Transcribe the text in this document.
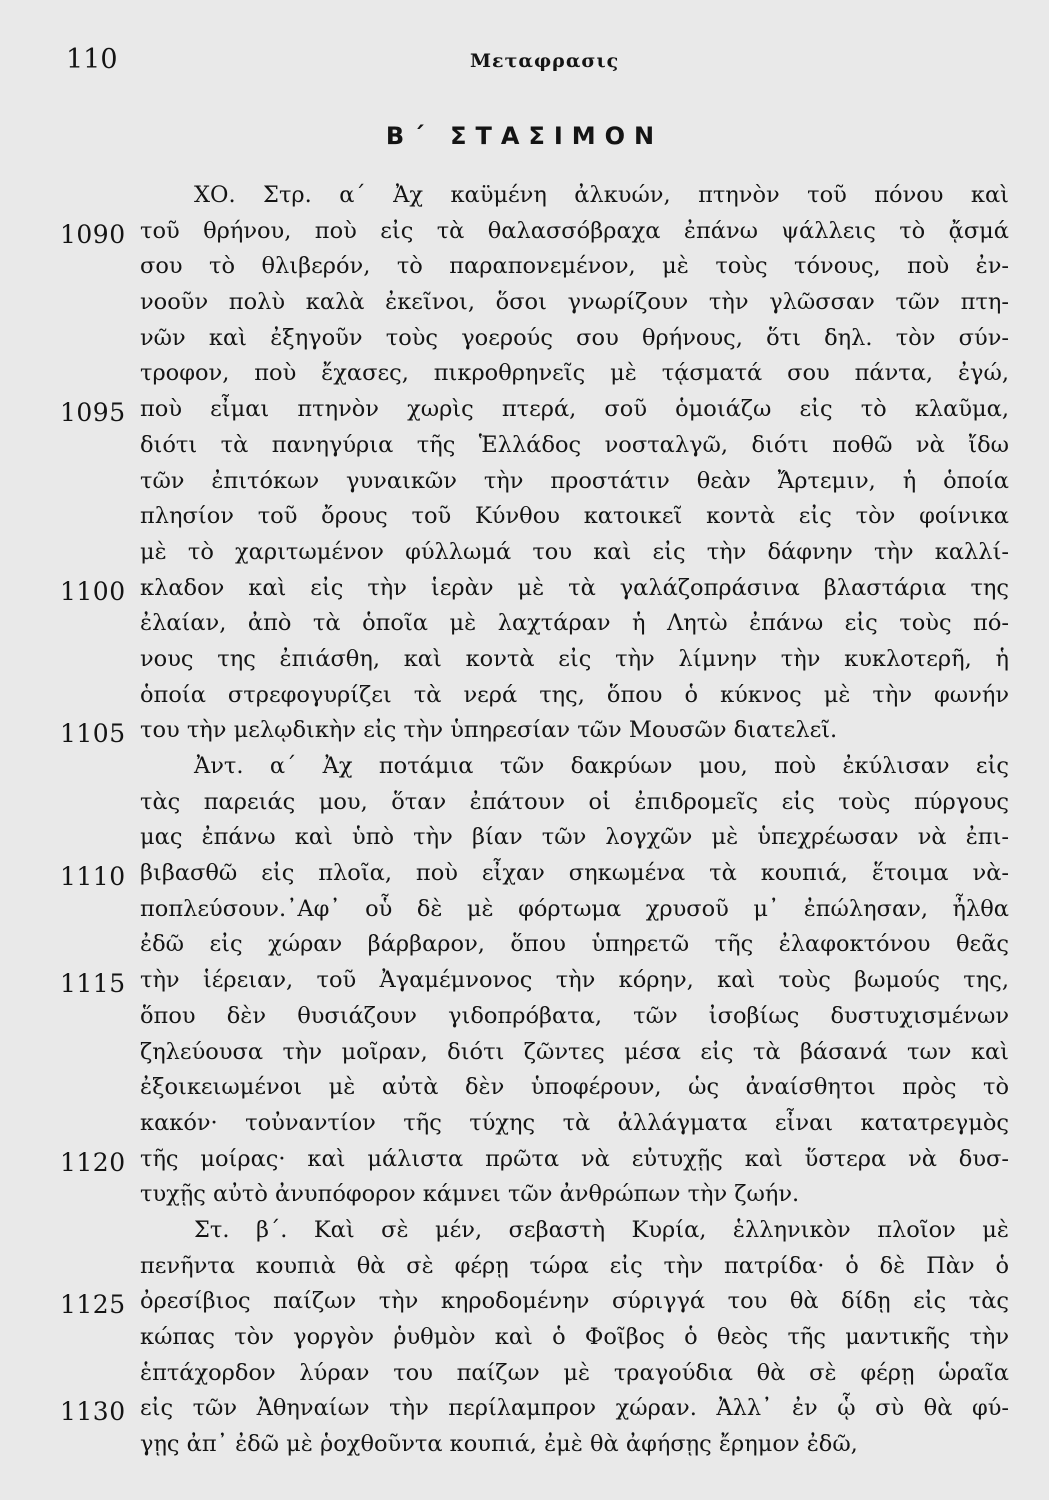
110	Μεταφρασις
Β΄ ΣΤΑΣΙΜΟΝ
ΧΟ. Στρ. α΄ Ἀχ καϋμένη ἀλκυών, πτηνὸν τοῦ πόνου καὶ
1090 τοῦ θρήνου, ποὺ εἰς τὰ θαλασσόβραχα ἐπάνω ψάλλεις τὸ ᾄσμά
σου τὸ θλιβερόν, τὸ παραπονεμένον, μὲ τοὺς τόνους, ποὺ ἐν-
νοοῦν πολὺ καλὰ ἐκεῖνοι, ὅσοι γνωρίζουν τὴν γλῶσσαν τῶν πτη-
νῶν καὶ ἐξηγοῦν τοὺς γοερούς σου θρήνους, ὅτι δηλ. τὸν σύν-
τροφον, ποὺ ἔχασες, πικροθρηνεῖς μὲ τᾴσματά σου πάντα, ἐγώ,
1095 ποὺ εἶμαι πτηνὸν χωρὶς πτερά, σοῦ ὁμοιάζω εἰς τὸ κλαῦμα,
διότι τὰ πανηγύρια τῆς Ἑλλάδος νοσταλγῶ, διότι ποθῶ νὰ ἴδω
τῶν ἐπιτόκων γυναικῶν τὴν προστάτιν θεὰν Ἄρτεμιν, ἡ ὁποία
πλησίον τοῦ ὄρους τοῦ Κύνθου κατοικεῖ κοντὰ εἰς τὸν φοίνικα
μὲ τὸ χαριτωμένον φύλλωμά του καὶ εἰς τὴν δάφνην τὴν καλλί-
1100 κλαδον καὶ εἰς τὴν ἱερὰν μὲ τὰ γαλάζοπράσινα βλαστάρια της
ἐλαίαν, ἀπὸ τὰ ὁποῖα μὲ λαχτάραν ἡ Λητὼ ἐπάνω εἰς τοὺς πό-
νους της ἐπιάσθη, καὶ κοντὰ εἰς τὴν λίμνην τὴν κυκλοτερῆ, ἡ
ὁποία στρεφογυρίζει τὰ νερά της, ὅπου ὁ κύκνος μὲ τὴν φωνήν
1105 του τὴν μελῳδικὴν εἰς τὴν ὑπηρεσίαν τῶν Μουσῶν διατελεῖ.
Ἀντ. α΄ Ἀχ ποτάμια τῶν δακρύων μου, ποὺ ἐκύλισαν εἰς
τὰς παρειάς μου, ὅταν ἐπάτουν οἱ ἐπιδρομεῖς εἰς τοὺς πύργους
μας ἐπάνω καὶ ὑπὸ τὴν βίαν τῶν λογχῶν μὲ ὑπεχρέωσαν νὰ ἐπι-
1110 βιβασθῶ εἰς πλοῖα, ποὺ εἶχαν σηκωμένα τὰ κουπιά, ἕτοιμα νὰ-
ποπλεύσουν.᾿Αφ᾿ οὗ δὲ μὲ φόρτωμα χρυσοῦ μ᾿ ἐπώλησαν, ἦλθα
ἐδῶ εἰς χώραν βάρβαρον, ὅπου ὑπηρετῶ τῆς ἐλαφοκτόνου θεᾶς
1115 τὴν ἱέρειαν, τοῦ Ἀγαμέμνονος τὴν κόρην, καὶ τοὺς βωμούς της,
ὅπου δὲν θυσιάζουν γιδοπρόβατα, τῶν ἰσοβίως δυστυχισμένων
ζηλεύουσα τὴν μοῖραν, διότι ζῶντες μέσα εἰς τὰ βάσανά των καὶ
ἐξοικειωμένοι μὲ αὐτὰ δὲν ὑποφέρουν, ὡς ἀναίσθητοι πρὸς τὸ
κακόν· τοὐναντίον τῆς τύχης τὰ ἀλλάγματα εἶναι κατατρεγμὸς
1120 τῆς μοίρας· καὶ μάλιστα πρῶτα νὰ εὐτυχῇς καὶ ὕστερα νὰ δυσ-
τυχῇς αὐτὸ ἀνυπόφορον κάμνει τῶν ἀνθρώπων τὴν ζωήν.
Στ. β΄. Καὶ σὲ μέν, σεβαστὴ Κυρία, ἑλληνικὸν πλοῖον μὲ
πενῆντα κουπιὰ θὰ σὲ φέρῃ τώρα εἰς τὴν πατρίδα· ὁ δὲ Πὰν ὁ
1125 ὀρεσίβιος παίζων τὴν κηροδομένην σύριγγά του θὰ δίδῃ εἰς τὰς
κώπας τὸν γοργὸν ῥυθμὸν καὶ ὁ Φοῖβος ὁ θεὸς τῆς μαντικῆς τὴν
ἑπτάχορδον λύραν του παίζων μὲ τραγούδια θὰ σὲ φέρῃ ὡραῖα
1130 εἰς τῶν Ἀθηναίων τὴν περίλαμπρον χώραν. Ἀλλ᾿ ἐν ᾧ σὺ θὰ φύ-
γῃς ἀπ᾿ ἐδῶ μὲ ῥοχθοῦντα κουπιά, ἐμὲ θὰ ἀφήσῃς ἔρημον ἐδῶ,
